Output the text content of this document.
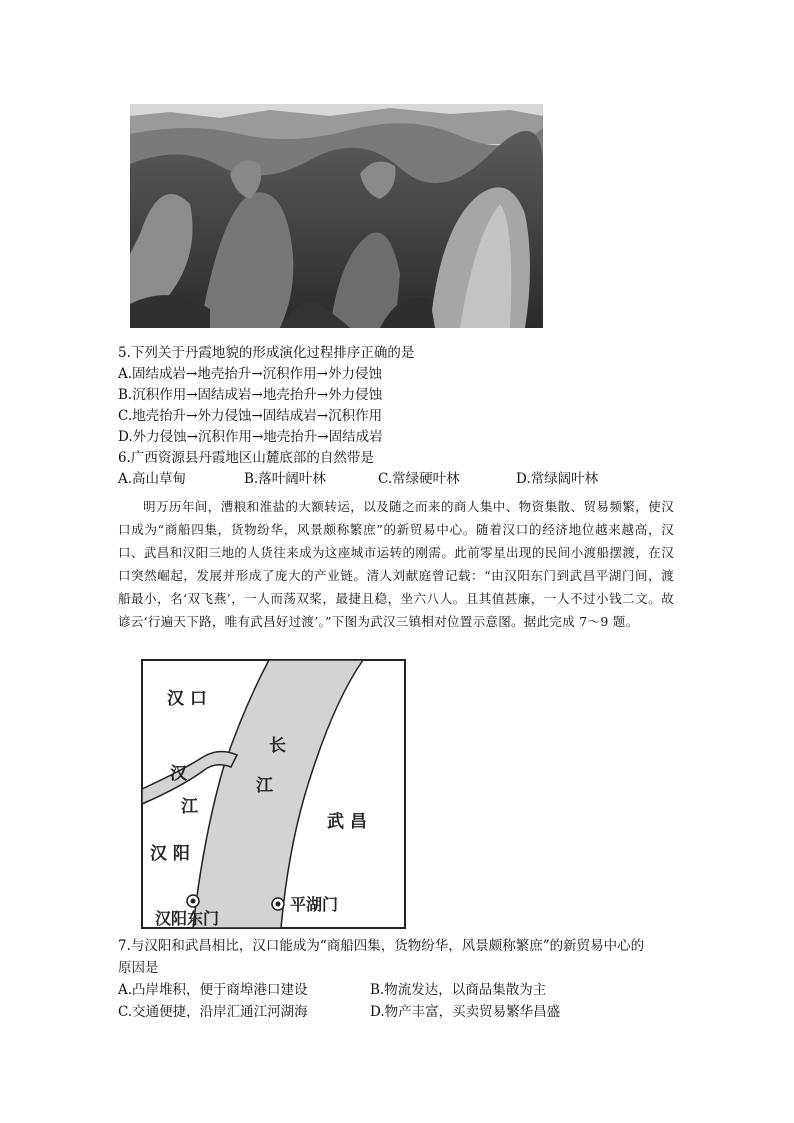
5.下列关于丹霞地貌的形成演化过程排序正确的是
A.固结成岩→地壳抬升→沉积作用→外力侵蚀
B.沉积作用→固结成岩→地壳抬升→外力侵蚀
C.地壳抬升→外力侵蚀→固结成岩→沉积作用
D.外力侵蚀→沉积作用→地壳抬升→固结成岩
6.广西资源县丹霞地区山麓底部的自然带是
A.高山草甸	B.落叶阔叶林	C.常绿硬叶林	D.常绿阔叶林

明万历年间，漕粮和淮盐的大额转运，以及随之而来的商人集中、物资集散、贸易频繁，使汉口成为“商船四集，货物纷华，风景颇称繁庶”的新贸易中心。随着汉口的经济地位越来越高，汉口、武昌和汉阳三地的人货往来成为这座城市运转的刚需。此前零星出现的民间小渡船摆渡，在汉口突然崛起，发展并形成了庞大的产业链。清人刘献庭曾记载：“由汉阳东门到武昌平湖门间，渡船最小，名‘双飞燕’，一人而荡双桨，最捷且稳，坐六八人。且其值甚廉，一人不过小钱二文。故谚云‘行遍天下路，唯有武昌好过渡’。”下图为武汉三镇相对位置示意图。据此完成 7～9 题。

汉 口
长
江
汉
江
武 昌
汉 阳
汉阳东门
平湖门
7.与汉阳和武昌相比，汉口能成为“商船四集，货物纷华，风景颇称繁庶”的新贸易中心的
原因是
A.凸岸堆积，便于商埠港口建设	B.物流发达，以商品集散为主
C.交通便捷，沿岸汇通江河湖海	D.物产丰富，买卖贸易繁华昌盛
